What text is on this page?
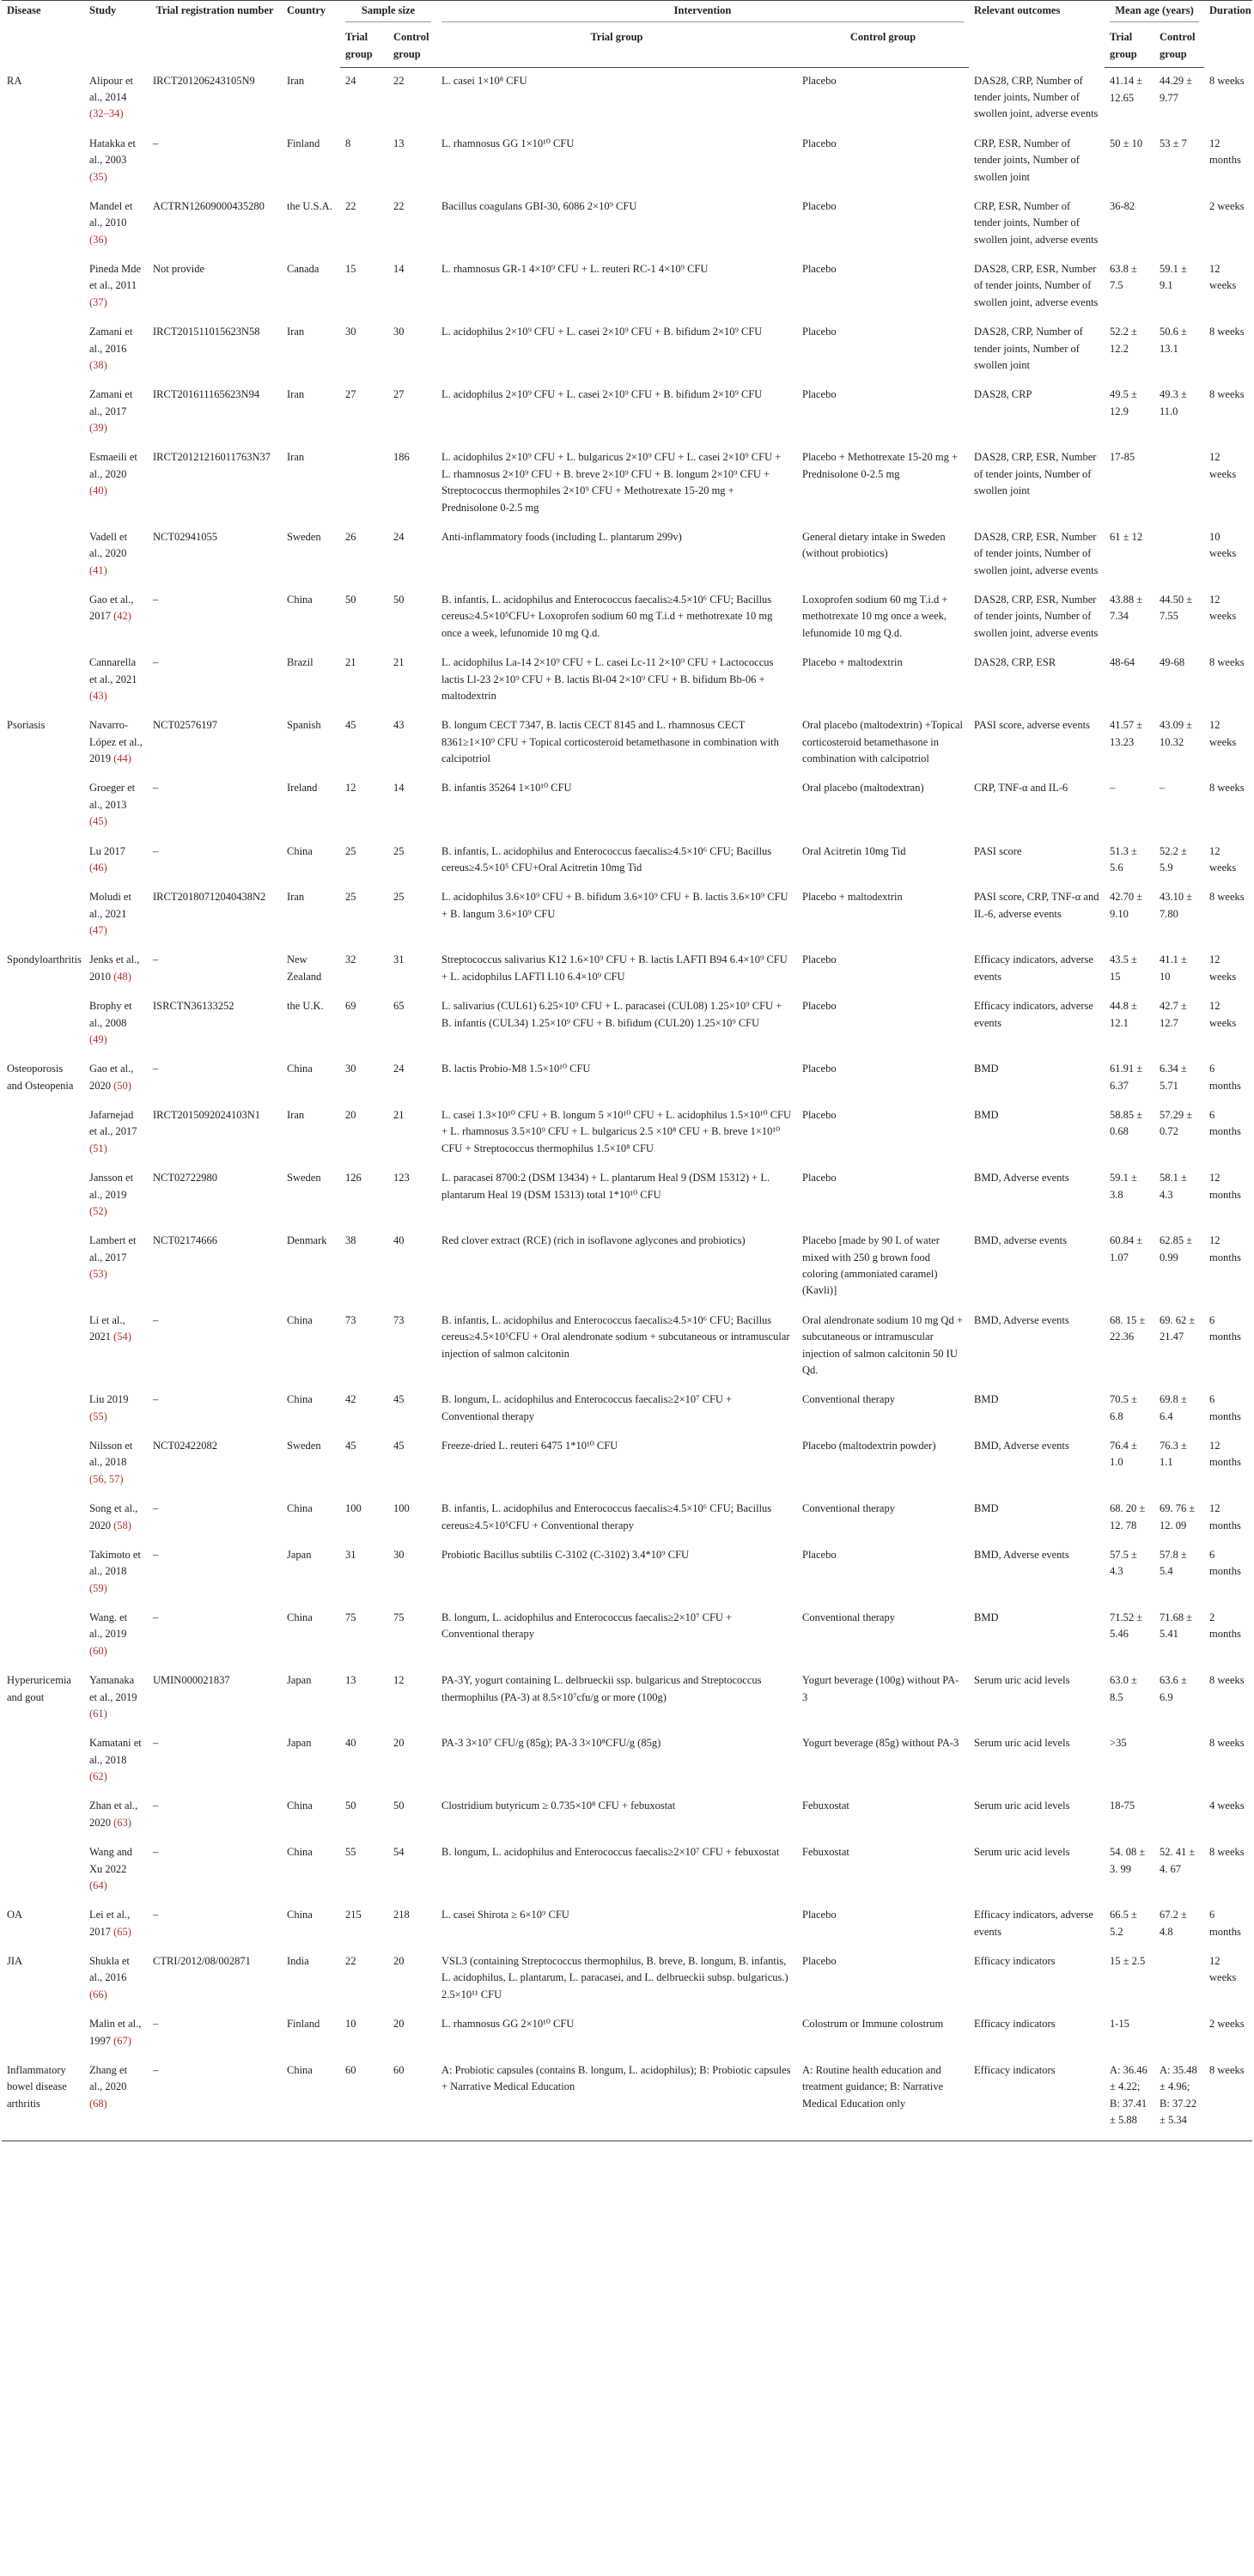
Disease	Study	Trial registration number	Country	Sample size		Intervention		Relevant outcomes	Mean age (years)		Duration
				Trial group	Control group	Trial group	Control group		Trial group	Control group	
RA	Alipour et al., 2014 (32–34)	IRCT201206243105N9	Iran	24	22	L. casei 1×10⁸ CFU	Placebo	DAS28, CRP, Number of tender joints, Number of swollen joint, adverse events	41.14 ± 12.65	44.29 ± 9.77	8 weeks
	Hatakka et al., 2003 (35)	–	Finland	8	13	L. rhamnosus GG 1×10¹⁰ CFU	Placebo	CRP, ESR, Number of tender joints, Number of swollen joint	50 ± 10	53 ± 7	12 months
	Mandel et al., 2010 (36)	ACTRN12609000435280	the U.S.A.	22	22	Bacillus coagulans GBI-30, 6086 2×10⁹ CFU	Placebo	CRP, ESR, Number of tender joints, Number of swollen joint, adverse events	36-82		2 weeks
	Pineda Mde et al., 2011 (37)	Not provide	Canada	15	14	L. rhamnosus GR-1 4×10⁹ CFU + L. reuteri RC-1 4×10⁹ CFU	Placebo	DAS28, CRP, ESR, Number of tender joints, Number of swollen joint, adverse events	63.8 ± 7.5	59.1 ± 9.1	12 weeks
	Zamani et al., 2016 (38)	IRCT201511015623N58	Iran	30	30	L. acidophilus 2×10⁹ CFU + L. casei 2×10⁹ CFU + B. bifidum 2×10⁹ CFU	Placebo	DAS28, CRP, Number of tender joints, Number of swollen joint	52.2 ± 12.2	50.6 ± 13.1	8 weeks
	Zamani et al., 2017 (39)	IRCT201611165623N94	Iran	27	27	L. acidophilus 2×10⁹ CFU + L. casei 2×10⁹ CFU + B. bifidum 2×10⁹ CFU	Placebo	DAS28, CRP	49.5 ± 12.9	49.3 ± 11.0	8 weeks
	Esmaeili et al., 2020 (40)	IRCT20121216011763N37	Iran		186	L. acidophilus 2×10⁹ CFU + L. bulgaricus 2×10⁹ CFU + L. casei 2×10⁹ CFU + L. rhamnosus 2×10⁹ CFU + B. breve 2×10⁹ CFU + B. longum 2×10⁹ CFU + Streptococcus thermophiles 2×10⁹ CFU + Methotrexate 15-20 mg + Prednisolone 0-2.5 mg	Placebo + Methotrexate 15-20 mg + Prednisolone 0-2.5 mg	DAS28, CRP, ESR, Number of tender joints, Number of swollen joint	17-85		12 weeks
	Vadell et al., 2020 (41)	NCT02941055	Sweden	26	24	Anti-inflammatory foods (including L. plantarum 299v)	General dietary intake in Sweden (without probiotics)	DAS28, CRP, ESR, Number of tender joints, Number of swollen joint, adverse events	61 ± 12		10 weeks
	Gao et al., 2017 (42)	–	China	50	50	B. infantis, L. acidophilus and Enterococcus faecalis≥4.5×10⁶ CFU; Bacillus cereus≥4.5×10⁵CFU+ Loxoprofen sodium 60 mg T.i.d + methotrexate 10 mg once a week, lefunomide 10 mg Q.d.	Loxoprofen sodium 60 mg T.i.d + methotrexate 10 mg once a week, lefunomide 10 mg Q.d.	DAS28, CRP, ESR, Number of tender joints, Number of swollen joint, adverse events	43.88 ± 7.34	44.50 ± 7.55	12 weeks
	Cannarella et al., 2021 (43)	–	Brazil	21	21	L. acidophilus La-14 2×10⁹ CFU + L. casei Lc-11 2×10⁹ CFU + Lactococcus lactis Ll-23 2×10⁹ CFU + B. lactis Bl-04 2×10⁹ CFU + B. bifidum Bb-06 + maltodextrin	Placebo + maltodextrin	DAS28, CRP, ESR	48-64	49-68	8 weeks
Psoriasis	Navarro-López et al., 2019 (44)	NCT02576197	Spanish	45	43	B. longum CECT 7347, B. lactis CECT 8145 and L. rhamnosus CECT 8361≥1×10⁹ CFU + Topical corticosteroid betamethasone in combination with calcipotriol	Oral placebo (maltodextrin) +Topical corticosteroid betamethasone in combination with calcipotriol	PASI score, adverse events	41.57 ± 13.23	43.09 ± 10.32	12 weeks
	Groeger et al., 2013 (45)	–	Ireland	12	14	B. infantis 35264 1×10¹⁰ CFU	Oral placebo (maltodextran)	CRP, TNF-α and IL-6	–	–	8 weeks
	Lu 2017 (46)	–	China	25	25	B. infantis, L. acidophilus and Enterococcus faecalis≥4.5×10⁶ CFU; Bacillus cereus≥4.5×10⁵ CFU+Oral Acitretin 10mg Tid	Oral Acitretin 10mg Tid	PASI score	51.3 ± 5.6	52.2 ± 5.9	12 weeks
	Moludi et al., 2021 (47)	IRCT20180712040438N2	Iran	25	25	L. acidophilus 3.6×10⁹ CFU + B. bifidum 3.6×10⁹ CFU + B. lactis 3.6×10⁹ CFU + B. langum 3.6×10⁹ CFU	Placebo + maltodextrin	PASI score, CRP, TNF-α and IL-6, adverse events	42.70 ± 9.10	43.10 ± 7.80	8 weeks
Spondyloarthritis	Jenks et al., 2010 (48)	–	New Zealand	32	31	Streptococcus salivarius K12 1.6×10⁹ CFU + B. lactis LAFTI B94 6.4×10⁹ CFU + L. acidophilus LAFTI L10 6.4×10⁹ CFU	Placebo	Efficacy indicators, adverse events	43.5 ± 15	41.1 ± 10	12 weeks
	Brophy et al., 2008 (49)	ISRCTN36133252	the U.K.	69	65	L. salivarius (CUL61) 6.25×10⁹ CFU + L. paracasei (CUL08) 1.25×10⁹ CFU + B. infantis (CUL34) 1.25×10⁹ CFU + B. bifidum (CUL20) 1.25×10⁹ CFU	Placebo	Efficacy indicators, adverse events	44.8 ± 12.1	42.7 ± 12.7	12 weeks
Osteoporosis and Osteopenia	Gao et al., 2020 (50)	–	China	30	24	B. lactis Probio-M8 1.5×10¹⁰ CFU	Placebo	BMD	61.91 ± 6.37	6.34 ± 5.71	6 months
	Jafarnejad et al., 2017 (51)	IRCT2015092024103N1	Iran	20	21	L. casei 1.3×10¹⁰ CFU + B. longum 5 ×10¹⁰ CFU + L. acidophilus 1.5×10¹⁰ CFU + L. rhamnosus 3.5×10⁹ CFU + L. bulgaricus 2.5 ×10⁸ CFU + B. breve 1×10¹⁰ CFU + Streptococcus thermophilus 1.5×10⁸ CFU	Placebo	BMD	58.85 ± 0.68	57.29 ± 0.72	6 months
	Jansson et al., 2019 (52)	NCT02722980	Sweden	126	123	L. paracasei 8700:2 (DSM 13434) + L. plantarum Heal 9 (DSM 15312) + L. plantarum Heal 19 (DSM 15313) total 1*10¹⁰ CFU	Placebo	BMD, Adverse events	59.1 ± 3.8	58.1 ± 4.3	12 months
	Lambert et al., 2017 (53)	NCT02174666	Denmark	38	40	Red clover extract (RCE) (rich in isoflavone aglycones and probiotics)	Placebo [made by 90 L of water mixed with 250 g brown food coloring (ammoniated caramel) (Kavli)]	BMD, adverse events	60.84 ± 1.07	62.85 ± 0.99	12 months
	Li et al., 2021 (54)	–	China	73	73	B. infantis, L. acidophilus and Enterococcus faecalis≥4.5×10⁶ CFU; Bacillus cereus≥4.5×10⁵CFU + Oral alendronate sodium + subcutaneous or intramuscular injection of salmon calcitonin	Oral alendronate sodium 10 mg Qd + subcutaneous or intramuscular injection of salmon calcitonin 50 IU Qd.	BMD, Adverse events	68. 15 ± 22.36	69. 62 ± 21.47	6 months
	Liu 2019 (55)	–	China	42	45	B. longum, L. acidophilus and Enterococcus faecalis≥2×10⁷ CFU + Conventional therapy	Conventional therapy	BMD	70.5 ± 6.8	69.8 ± 6.4	6 months
	Nilsson et al., 2018 (56, 57)	NCT02422082	Sweden	45	45	Freeze-dried L. reuteri 6475 1*10¹⁰ CFU	Placebo (maltodextrin powder)	BMD, Adverse events	76.4 ± 1.0	76.3 ± 1.1	12 months
	Song et al., 2020 (58)	–	China	100	100	B. infantis, L. acidophilus and Enterococcus faecalis≥4.5×10⁶ CFU; Bacillus cereus≥4.5×10⁵CFU + Conventional therapy	Conventional therapy	BMD	68. 20 ± 12. 78	69. 76 ± 12. 09	12 months
	Takimoto et al., 2018 (59)	–	Japan	31	30	Probiotic Bacillus subtilis C-3102 (C-3102) 3.4*10⁹ CFU	Placebo	BMD, Adverse events	57.5 ± 4.3	57.8 ± 5.4	6 months
	Wang. et al., 2019 (60)	–	China	75	75	B. longum, L. acidophilus and Enterococcus faecalis≥2×10⁷ CFU + Conventional therapy	Conventional therapy	BMD	71.52 ± 5.46	71.68 ± 5.41	2 months
Hyperuricemia and gout	Yamanaka et al., 2019 (61)	UMIN000021837	Japan	13	12	PA-3Y, yogurt containing L. delbrueckii ssp. bulgaricus and Streptococcus thermophilus (PA-3) at 8.5×10⁷cfu/g or more (100g)	Yogurt beverage (100g) without PA-3	Serum uric acid levels	63.0 ± 8.5	63.6 ± 6.9	8 weeks
	Kamatani et al., 2018 (62)	–	Japan	40	20	PA-3 3×10⁷ CFU/g (85g); PA-3 3×10⁸CFU/g (85g)	Yogurt beverage (85g) without PA-3	Serum uric acid levels	>35		8 weeks
	Zhan et al., 2020 (63)	–	China	50	50	Clostridium butyricum ≥ 0.735×10⁸ CFU + febuxostat	Febuxostat	Serum uric acid levels	18-75		4 weeks
	Wang and Xu 2022 (64)	–	China	55	54	B. longum, L. acidophilus and Enterococcus faecalis≥2×10⁷ CFU + febuxostat	Febuxostat	Serum uric acid levels	54. 08 ± 3. 99	52. 41 ± 4. 67	8 weeks
OA	Lei et al., 2017 (65)	–	China	215	218	L. casei Shirota ≥ 6×10⁹ CFU	Placebo	Efficacy indicators, adverse events	66.5 ± 5.2	67.2 ± 4.8	6 months
JIA	Shukla et al., 2016 (66)	CTRI/2012/08/002871	India	22	20	VSL3 (containing Streptococcus thermophilus, B. breve, B. longum, B. infantis, L. acidophilus, L. plantarum, L. paracasei, and L. delbrueckii subsp. bulgaricus.) 2.5×10¹¹ CFU	Placebo	Efficacy indicators	15 ± 2.5		12 weeks
	Malin et al., 1997 (67)	–	Finland	10	20	L. rhamnosus GG 2×10¹⁰ CFU	Colostrum or Immune colostrum	Efficacy indicators	1-15		2 weeks
Inflammatory bowel disease arthritis	Zhang et al., 2020 (68)	–	China	60	60	A: Probiotic capsules (contains B. longum, L. acidophilus); B: Probiotic capsules + Narrative Medical Education	A: Routine health education and treatment guidance; B: Narrative Medical Education only	Efficacy indicators	A: 36.46 ± 4.22; B: 37.41 ± 5.88	A: 35.48 ± 4.96; B: 37.22 ± 5.34	8 weeks
